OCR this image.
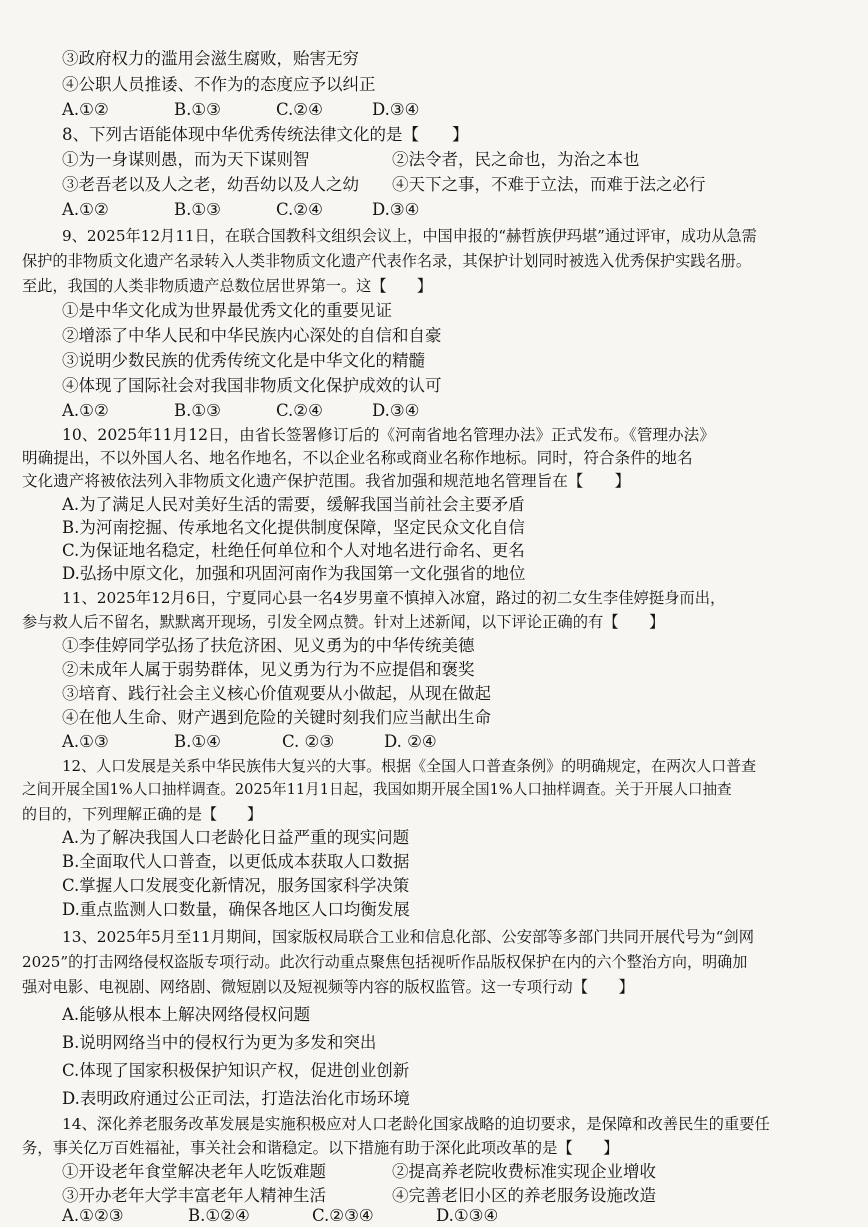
③政府权力的滥用会滋生腐败，贻害无穷
④公职人员推诿、不作为的态度应予以纠正
A.①②	B.①③	C.②④	D.③④
8、下列古语能体现中华优秀传统法律文化的是【　　】
①为一身谋则愚，而为天下谋则智	②法令者，民之命也，为治之本也
③老吾老以及人之老，幼吾幼以及人之幼 ④天下之事，不难于立法，而难于法之必行
A.①②	B.①③	C.②④	D.③④
9、2025年12月11日，在联合国教科文组织会议上，中国申报的“赫哲族伊玛堪”通过评审，成功从急需
保护的非物质文化遗产名录转入人类非物质文化遗产代表作名录，其保护计划同时被选入优秀保护实践名册。
至此，我国的人类非物质遗产总数位居世界第一。这【　　】
①是中华文化成为世界最优秀文化的重要见证
②增添了中华人民和中华民族内心深处的自信和自豪
③说明少数民族的优秀传统文化是中华文化的精髓
④体现了国际社会对我国非物质文化保护成效的认可
A.①②	B.①③	C.②④	D.③④
10、2025年11月12日，由省长签署修订后的《河南省地名管理办法》正式发布。《管理办法》
明确提出，不以外国人名、地名作地名，不以企业名称或商业名称作地标。同时，符合条件的地名
文化遗产将被依法列入非物质文化遗产保护范围。我省加强和规范地名管理旨在【　　】
A.为了满足人民对美好生活的需要，缓解我国当前社会主要矛盾
B.为河南挖掘、传承地名文化提供制度保障，坚定民众文化自信
C.为保证地名稳定，杜绝任何单位和个人对地名进行命名、更名
D.弘扬中原文化，加强和巩固河南作为我国第一文化强省的地位
11、2025年12月6日，宁夏同心县一名4岁男童不慎掉入冰窟，路过的初二女生李佳婷挺身而出，
参与救人后不留名，默默离开现场，引发全网点赞。针对上述新闻，以下评论正确的有【　　】
①李佳婷同学弘扬了扶危济困、见义勇为的中华传统美德
②未成年人属于弱势群体，见义勇为行为不应提倡和褒奖
③培育、践行社会主义核心价值观要从小做起，从现在做起
④在他人生命、财产遇到危险的关键时刻我们应当献出生命
A.①③	B.①④	C. ②③	D. ②④
12、人口发展是关系中华民族伟大复兴的大事。根据《全国人口普查条例》的明确规定，在两次人口普查
之间开展全国1%人口抽样调查。2025年11月1日起，我国如期开展全国1%人口抽样调查。关于开展人口抽查
的目的，下列理解正确的是【　　】
A.为了解决我国人口老龄化日益严重的现实问题
B.全面取代人口普查，以更低成本获取人口数据
C.掌握人口发展变化新情况，服务国家科学决策
D.重点监测人口数量，确保各地区人口均衡发展
13、2025年5月至11月期间，国家版权局联合工业和信息化部、公安部等多部门共同开展代号为“剑网
2025”的打击网络侵权盗版专项行动。此次行动重点聚焦包括视听作品版权保护在内的六个整治方向，明确加
强对电影、电视剧、网络剧、微短剧以及短视频等内容的版权监管。这一专项行动【　　】
A.能够从根本上解决网络侵权问题
B.说明网络当中的侵权行为更为多发和突出
C.体现了国家积极保护知识产权，促进创业创新
D.表明政府通过公正司法，打造法治化市场环境
14、深化养老服务改革发展是实施积极应对人口老龄化国家战略的迫切要求，是保障和改善民生的重要任
务，事关亿万百姓福祉，事关社会和谐稳定。以下措施有助于深化此项改革的是【　　】
①开设老年食堂解决老年人吃饭难题	②提高养老院收费标准实现企业增收
③开办老年大学丰富老年人精神生活	④完善老旧小区的养老服务设施改造
A.①②③	B.①②④	C.②③④	D.①③④
